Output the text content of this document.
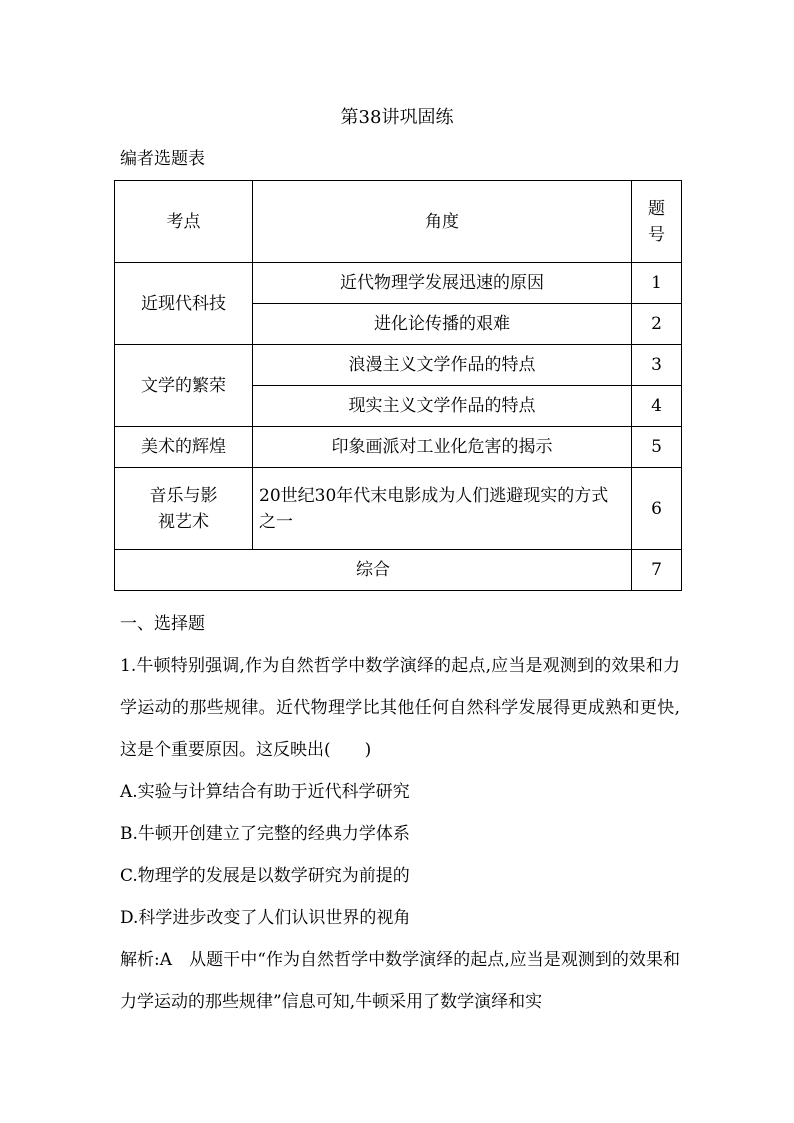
第38讲巩固练
编者选题表
考点	角度	题
号

近现代科技	近代物理学发展迅速的原因	1
	进化论传播的艰难	2
文学的繁荣	浪漫主义文学作品的特点	3
	现实主义文学作品的特点	4
美术的辉煌	印象画派对工业化危害的揭示	5

音乐与影
视艺术	20世纪30年代末电影成为人们逃避现实的方式之一	6
综合		7

一、选择题

1.牛顿特别强调,作为自然哲学中数学演绎的起点,应当是观测到的效果和力学运动的那些规律。近代物理学比其他任何自然科学发展得更成熟和更快,这是个重要原因。这反映出(　　)

A.实验与计算结合有助于近代科学研究

B.牛顿开创建立了完整的经典力学体系

C.物理学的发展是以数学研究为前提的

D.科学进步改变了人们认识世界的视角

解析:A　从题干中“作为自然哲学中数学演绎的起点,应当是观测到的效果和力学运动的那些规律”信息可知,牛顿采用了数学演绎和实
